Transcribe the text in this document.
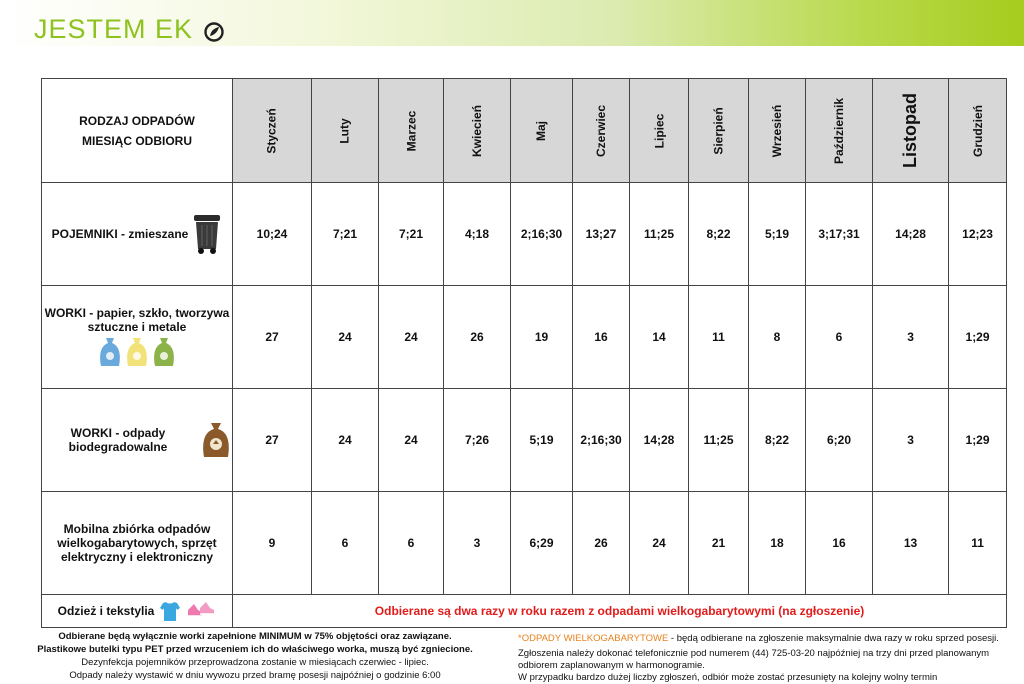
JESTEM EK
RODZAJ ODPADÓW
MIESIĄC ODBIORU	Styczeń	Luty	Marzec	Kwiecień	Maj	Czerwiec	Lipiec	Sierpień	Wrzesień	Październik	Listopad	Grudzień

POJEMNIKI - zmieszane	10;24	7;21	7;21	4;18	2;16;30	13;27	11;25	8;22	5;19	3;17;31	14;28	12;23

WORKI - papier, szkło, tworzywa sztuczne i metale	27	24	24	26	19	16	14	11	8	6	3	1;29

WORKI - odpady biodegradowalne	27	24	24	7;26	5;19	2;16;30	14;28	11;25	8;22	6;20	3	1;29
Mobilna zbiórka odpadów wielkogabarytowych, sprzęt elektryczny i elektroniczny	9	6	6	3	6;29	26	24	21	18	16	13	11

Odzież i tekstylia	Odbierane są dwa razy w roku razem z odpadami wielkogabarytowymi (na zgłoszenie)											
Odbierane będą wyłącznie worki zapełnione MINIMUM w 75% objętości oraz zawiązane.
Plastikowe butelki typu PET przed wrzuceniem ich do właściwego worka, muszą być zgniecione.
Dezynfekcja pojemników przeprowadzona zostanie w miesiącach czerwiec - lipiec.
Odpady należy wystawić w dniu wywozu przed bramę posesji najpóźniej o godzinie 6:00
*ODPADY WIELKOGABARYTOWE - będą odbierane na zgłoszenie maksymalnie dwa razy w roku sprzed posesji.
Zgłoszenia należy dokonać telefonicznie pod numerem (44) 725-03-20 najpóźniej na trzy dni przed planowanym odbiorem zaplanowanym w harmonogramie.
W przypadku bardzo dużej liczby zgłoszeń, odbiór może zostać przesunięty na kolejny wolny termin
